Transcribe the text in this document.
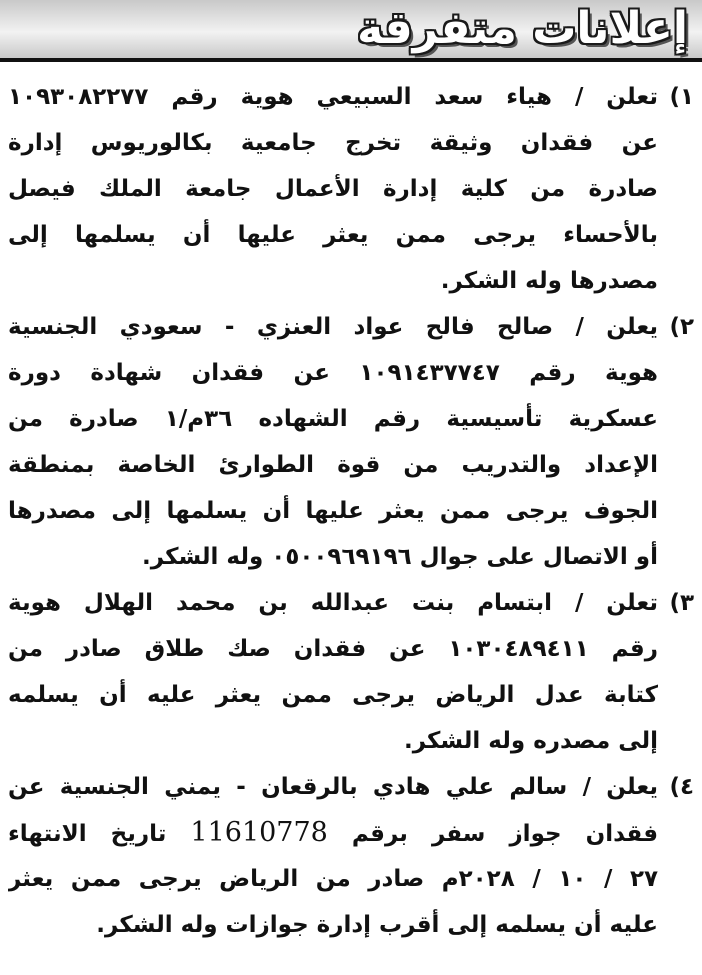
إعلانات متفرقة
١)
تعلن / هياء سعد السبيعي هوية رقم ١٠٩٣٠٨٢٢٧٧
عن فقدان وثيقة تخرج جامعية بكالوريوس إدارة
صادرة من كلية إدارة الأعمال جامعة الملك فيصل
بالأحساء يرجى ممن يعثر عليها أن يسلمها إلى
مصدرها وله الشكر.
٢)
يعلن / صالح فالح عواد العنزي - سعودي الجنسية
هوية رقم ١٠٩١٤٣٧٧٤٧ عن فقدان شهادة دورة
عسكرية تأسيسية رقم الشهاده ٣٦م/١ صادرة من
الإعداد والتدريب من قوة الطوارئ الخاصة بمنطقة
الجوف يرجى ممن يعثر عليها أن يسلمها إلى مصدرها
أو الاتصال على جوال ٠٥٠٠٩٦٩١٩٦ وله الشكر.
٣)
تعلن / ابتسام بنت عبدالله بن محمد الهلال هوية
رقم ١٠٣٠٤٨٩٤١١ عن فقدان صك طلاق صادر من
كتابة عدل الرياض يرجى ممن يعثر عليه أن يسلمه
إلى مصدره وله الشكر.
٤)
يعلن / سالم علي هادي بالرقعان - يمني الجنسية عن
فقدان جواز سفر برقم 11610778 تاريخ الانتهاء
٢٧ / ١٠ / ٢٠٢٨م صادر من الرياض يرجى ممن يعثر
عليه أن يسلمه إلى أقرب إدارة جوازات وله الشكر.
